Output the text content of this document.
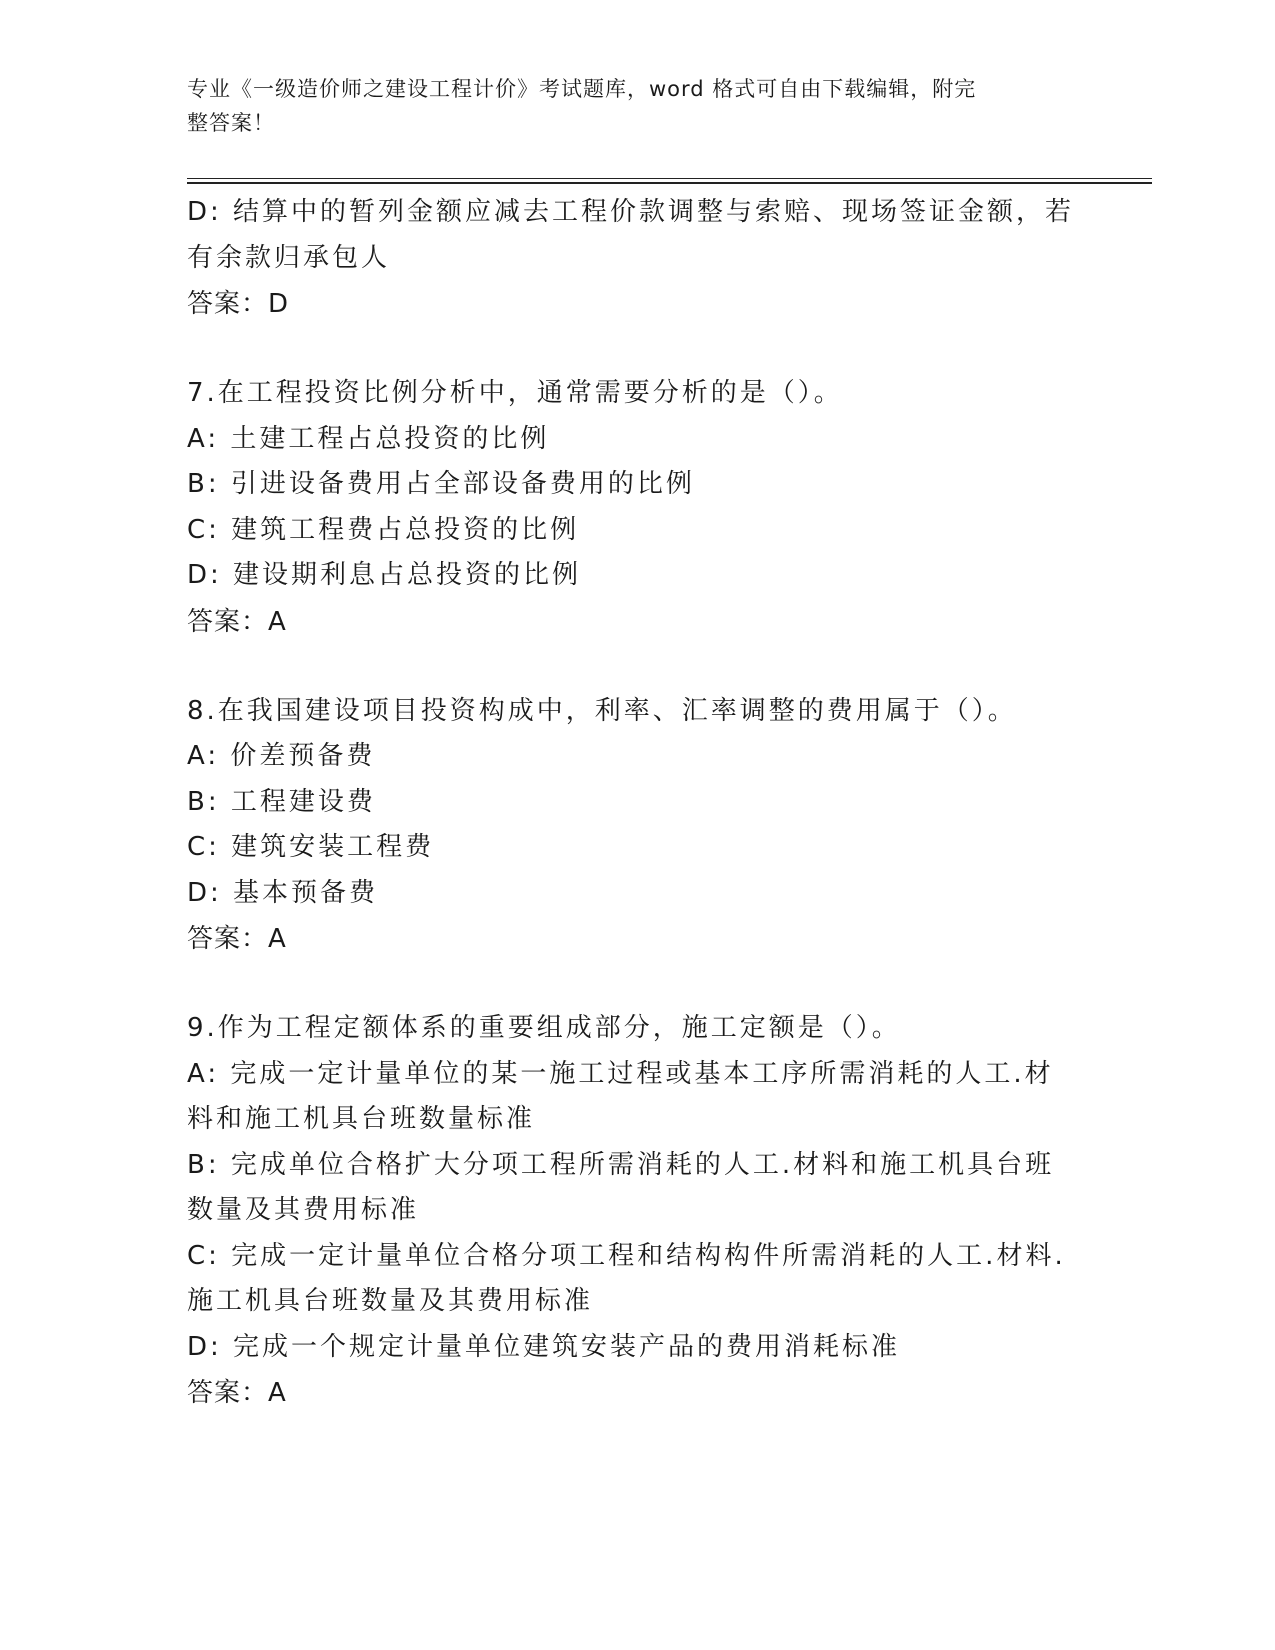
专业《一级造价师之建设工程计价》考试题库，word 格式可自由下载编辑，附完
整答案！
D: 结算中的暂列金额应减去工程价款调整与索赔、现场签证金额，若
有余款归承包人
答案：D
7.在工程投资比例分析中，通常需要分析的是（）。
A: 土建工程占总投资的比例
B: 引进设备费用占全部设备费用的比例
C: 建筑工程费占总投资的比例
D: 建设期利息占总投资的比例
答案：A
8.在我国建设项目投资构成中，利率、汇率调整的费用属于（）。
A: 价差预备费
B: 工程建设费
C: 建筑安装工程费
D: 基本预备费
答案：A
9.作为工程定额体系的重要组成部分，施工定额是（）。
A: 完成一定计量单位的某一施工过程或基本工序所需消耗的人工.材
料和施工机具台班数量标准
B: 完成单位合格扩大分项工程所需消耗的人工.材料和施工机具台班
数量及其费用标准
C: 完成一定计量单位合格分项工程和结构构件所需消耗的人工.材料.
施工机具台班数量及其费用标准
D: 完成一个规定计量单位建筑安装产品的费用消耗标准
答案：A
